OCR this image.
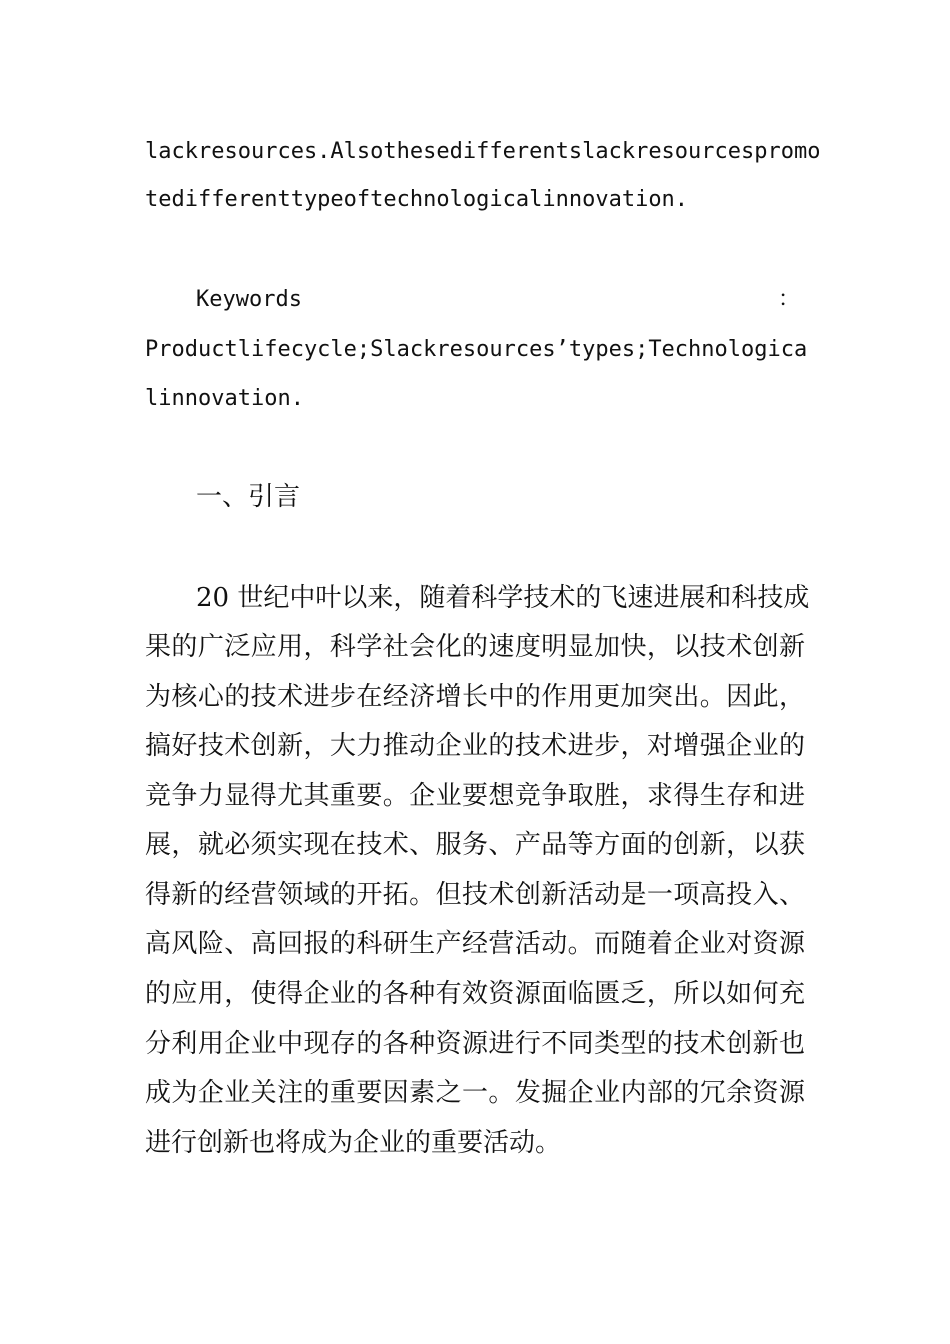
lackresources.Alsothesedifferentslackresourcespromo
tedifferenttypeoftechnologicalinnovation.
Keywords	：
Productlifecycle;Slackresources’types;Technologica
linnovation.
一、引言
20 世纪中叶以来，随着科学技术的飞速进展和科技成
果的广泛应用，科学社会化的速度明显加快，以技术创新
为核心的技术进步在经济增长中的作用更加突出。因此，
搞好技术创新，大力推动企业的技术进步，对增强企业的
竞争力显得尤其重要。企业要想竞争取胜，求得生存和进
展，就必须实现在技术、服务、产品等方面的创新，以获
得新的经营领域的开拓。但技术创新活动是一项高投入、
高风险、高回报的科研生产经营活动。而随着企业对资源
的应用，使得企业的各种有效资源面临匮乏，所以如何充
分利用企业中现存的各种资源进行不同类型的技术创新也
成为企业关注的重要因素之一。发掘企业内部的冗余资源
进行创新也将成为企业的重要活动。
